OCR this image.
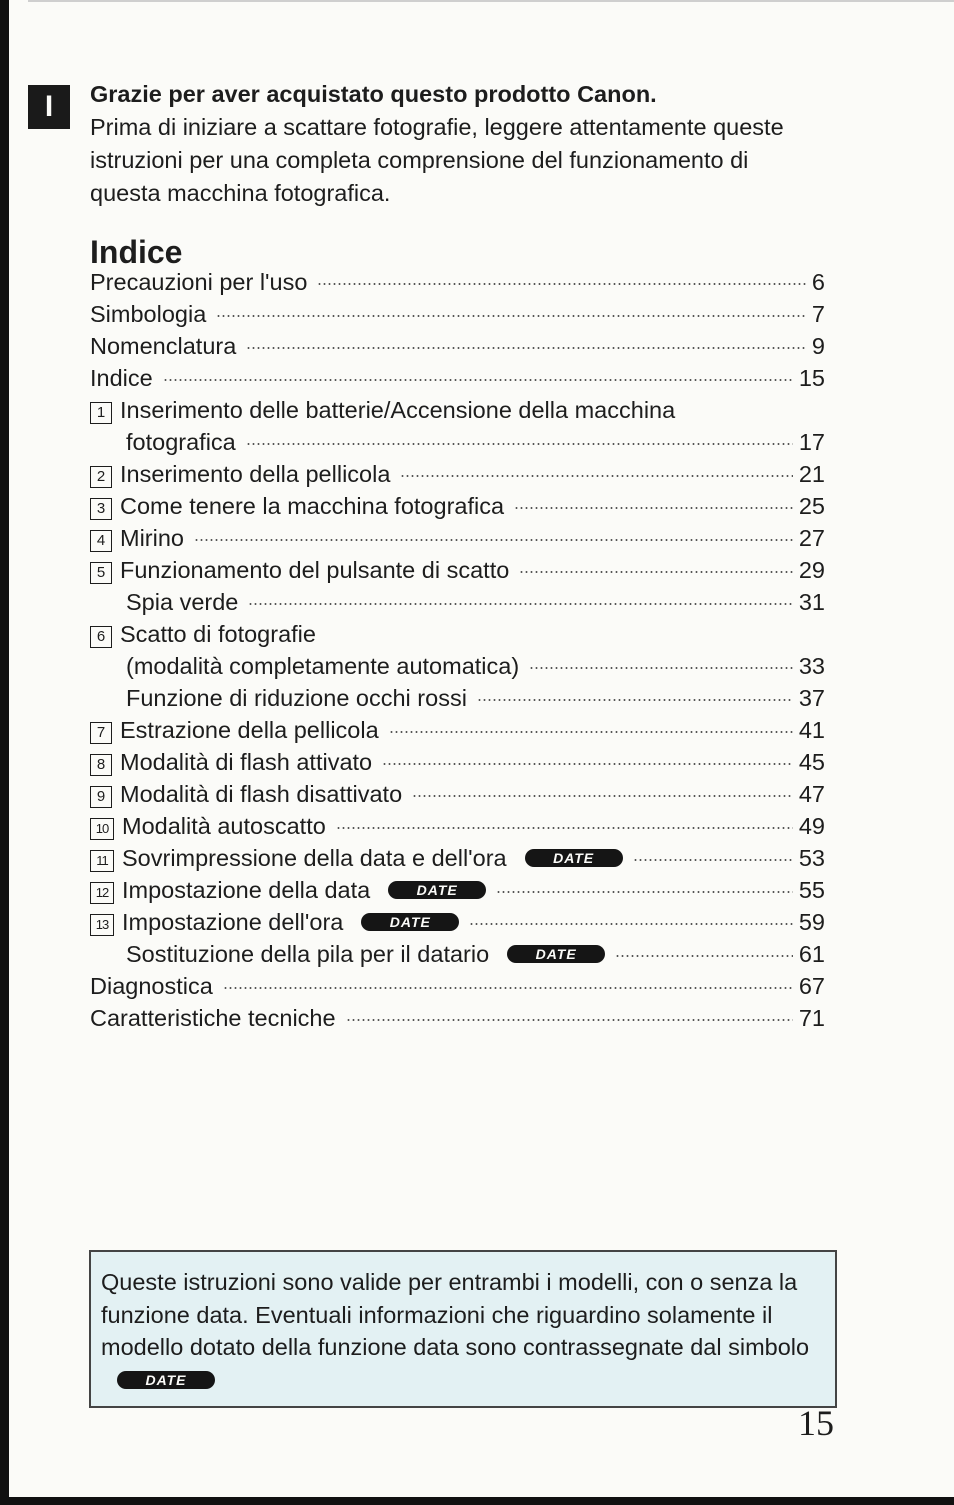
I	Grazie per aver acquistato questo prodotto Canon.

Prima di iniziare a scattare fotografie, leggere attentamente queste istruzioni per una completa comprensione del funzionamento di questa macchina fotografica.

Indice
Precauzioni per l'uso	6
Simbologia	7
Nomenclatura	9
Indice	15
1 Inserimento delle batterie/Accensione della macchina
fotografica	17
2 Inserimento della pellicola	21
3 Come tenere la macchina fotografica	25
4 Mirino	27
5 Funzionamento del pulsante di scatto	29
Spia verde	31
6 Scatto di fotografie
(modalità completamente automatica)	33
Funzione di riduzione occhi rossi	37
7 Estrazione della pellicola	41
8 Modalità di flash attivato	45
9 Modalità di flash disattivato	47
10 Modalità autoscatto	49
11 Sovrimpressione della data e dell'ora	DATE	53
12 Impostazione della data	DATE	55
13 Impostazione dell'ora	DATE	59
Sostituzione della pila per il datario	DATE	61
Diagnostica	67
Caratteristiche tecniche	71
Queste istruzioni sono valide per entrambi i modelli, con o senza la funzione data. Eventuali informazioni che riguardino solamente il modello dotato della funzione data sono contrassegnate dal simboloDATE
15
